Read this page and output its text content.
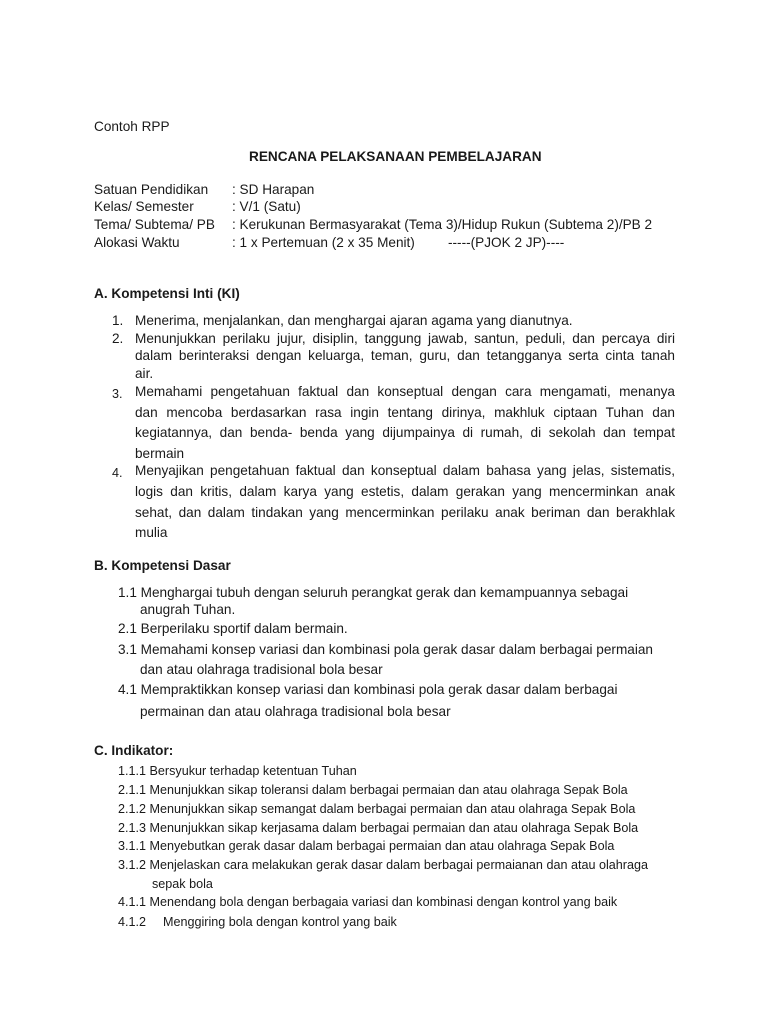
Contoh RPP
RENCANA PELAKSANAAN PEMBELAJARAN
Satuan Pendidikan : SD Harapan
Kelas/ Semester	: V/1 (Satu)
Tema/ Subtema/ PB : Kerukunan Bermasyarakat (Tema 3)/Hidup Rukun (Subtema 2)/PB 2
Alokasi Waktu	: 1 x Pertemuan (2 x 35 Menit) -----(PJOK 2 JP)----
A. Kompetensi Inti (KI)
1. Menerima, menjalankan, dan menghargai ajaran agama yang dianutnya.
2. Menunjukkan perilaku jujur, disiplin, tanggung jawab, santun, peduli, dan percaya diri
dalam berinteraksi dengan keluarga, teman, guru, dan tetangganya serta cinta tanah
air.
3. Memahami pengetahuan faktual dan konseptual dengan cara mengamati, menanya
dan mencoba berdasarkan rasa ingin tentang dirinya, makhluk ciptaan Tuhan dan
kegiatannya, dan benda- benda yang dijumpainya di rumah, di sekolah dan tempat
bermain
4. Menyajikan pengetahuan faktual dan konseptual dalam bahasa yang jelas, sistematis,
logis dan kritis, dalam karya yang estetis, dalam gerakan yang mencerminkan anak
sehat, dan dalam tindakan yang mencerminkan perilaku anak beriman dan berakhlak
mulia
B. Kompetensi Dasar
1.1 Menghargai tubuh dengan seluruh perangkat gerak dan kemampuannya sebagai
anugrah Tuhan.
2.1 Berperilaku sportif dalam bermain.
3.1 Memahami konsep variasi dan kombinasi pola gerak dasar dalam berbagai permaian
dan atau olahraga tradisional bola besar
4.1 Mempraktikkan konsep variasi dan kombinasi pola gerak dasar dalam berbagai
permainan dan atau olahraga tradisional bola besar
C. Indikator:
1.1.1 Bersyukur terhadap ketentuan Tuhan
2.1.1 Menunjukkan sikap toleransi dalam berbagai permaian dan atau olahraga Sepak Bola
2.1.2 Menunjukkan sikap semangat dalam berbagai permaian dan atau olahraga Sepak Bola
2.1.3 Menunjukkan sikap kerjasama dalam berbagai permaian dan atau olahraga Sepak Bola
3.1.1 Menyebutkan gerak dasar dalam berbagai permaian dan atau olahraga Sepak Bola
3.1.2 Menjelaskan cara melakukan gerak dasar dalam berbagai permaianan dan atau olahraga
sepak bola
4.1.1 Menendang bola dengan berbagaia variasi dan kombinasi dengan kontrol yang baik
4.1.2 Menggiring bola dengan kontrol yang baik
